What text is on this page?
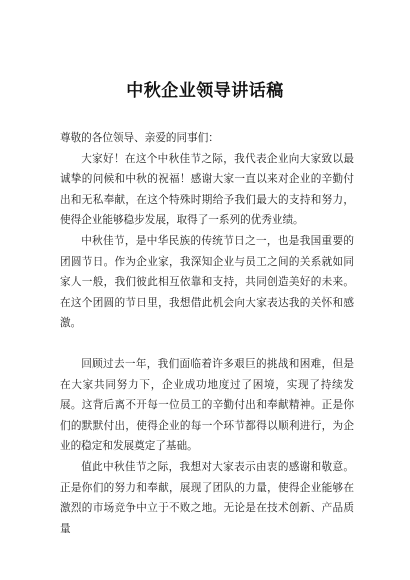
中秋企业领导讲话稿

尊敬的各位领导、亲爱的同事们：

大家好！在这个中秋佳节之际，我代表企业向大家致以最诚挚的问候和中秋的祝福！感谢大家一直以来对企业的辛勤付出和无私奉献，在这个特殊时期给予我们最大的支持和努力，使得企业能够稳步发展，取得了一系列的优秀业绩。

中秋佳节，是中华民族的传统节日之一，也是我国重要的团圆节日。作为企业家，我深知企业与员工之间的关系就如同家人一般，我们彼此相互依靠和支持，共同创造美好的未来。在这个团圆的节日里，我想借此机会向大家表达我的关怀和感激。

回顾过去一年，我们面临着许多艰巨的挑战和困难，但是在大家共同努力下，企业成功地度过了困境，实现了持续发展。这背后离不开每一位员工的辛勤付出和奉献精神。正是你们的默默付出，使得企业的每一个环节都得以顺利进行，为企业的稳定和发展奠定了基础。

值此中秋佳节之际，我想对大家表示由衷的感谢和敬意。正是你们的努力和奉献，展现了团队的力量，使得企业能够在激烈的市场竞争中立于不败之地。无论是在技术创新、产品质量
